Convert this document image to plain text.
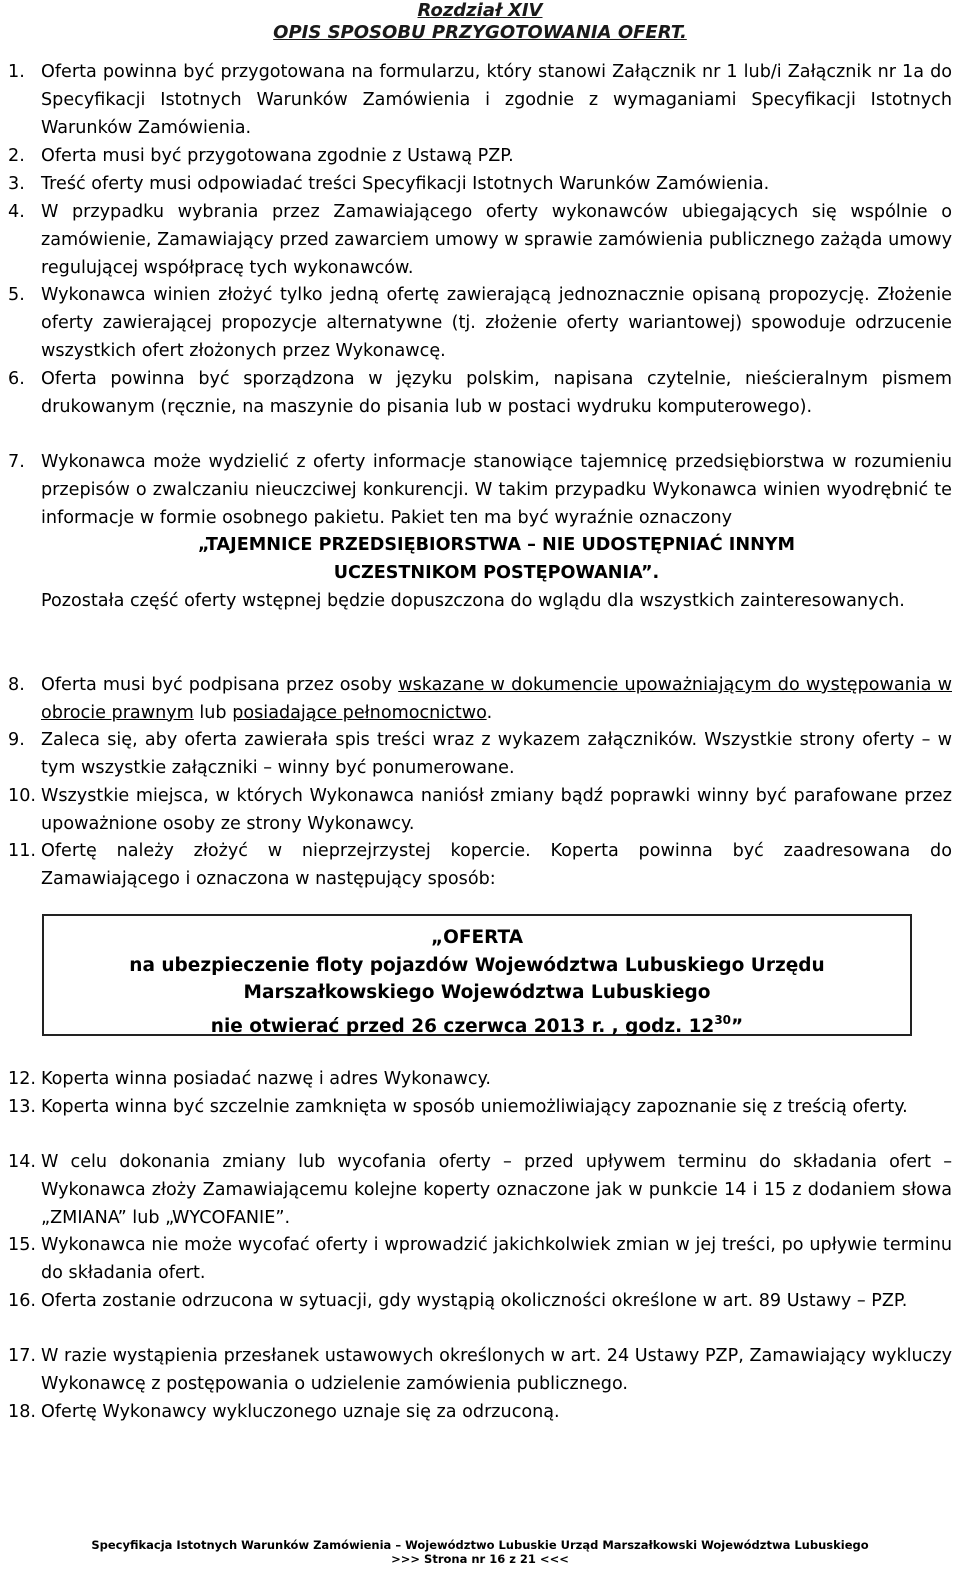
Rozdział XIV
OPIS SPOSOBU PRZYGOTOWANIA OFERT.
1. Oferta powinna być przygotowana na formularzu, który stanowi Załącznik nr 1 lub/i Załącznik nr 1a do Specyfikacji Istotnych Warunków Zamówienia i zgodnie z wymaganiami Specyfikacji Istotnych Warunków Zamówienia.
2. Oferta musi być przygotowana zgodnie z Ustawą PZP.
3. Treść oferty musi odpowiadać treści Specyfikacji Istotnych Warunków Zamówienia.
4. W przypadku wybrania przez Zamawiającego oferty wykonawców ubiegających się wspólnie o zamówienie, Zamawiający przed zawarciem umowy w sprawie zamówienia publicznego zażąda umowy regulującej współpracę tych wykonawców.
5. Wykonawca winien złożyć tylko jedną ofertę zawierającą jednoznacznie opisaną propozycję. Złożenie oferty zawierającej propozycje alternatywne (tj. złożenie oferty wariantowej) spowoduje odrzucenie wszystkich ofert złożonych przez Wykonawcę.
6. Oferta powinna być sporządzona w języku polskim, napisana czytelnie, nieścieralnym pismem drukowanym (ręcznie, na maszynie do pisania lub w postaci wydruku komputerowego).
7. Wykonawca może wydzielić z oferty informacje stanowiące tajemnicę przedsiębiorstwa w rozumieniu przepisów o zwalczaniu nieuczciwej konkurencji. W takim przypadku Wykonawca winien wyodrębnić te informacje w formie osobnego pakietu. Pakiet ten ma być wyraźnie oznaczony

„TAJEMNICE PRZEDSIĘBIORSTWA – NIE UDOSTĘPNIAĆ INNYM

UCZESTNIKOM POSTĘPOWANIA”.

Pozostała część oferty wstępnej będzie dopuszczona do wglądu dla wszystkich zainteresowanych.

8. Oferta musi być podpisana przez osoby wskazane w dokumencie upoważniającym do występowania w obrocie prawnym lub posiadające pełnomocnictwo.
9. Zaleca się, aby oferta zawierała spis treści wraz z wykazem załączników. Wszystkie strony oferty – w tym wszystkie załączniki – winny być ponumerowane.
10. Wszystkie miejsca, w których Wykonawca naniósł zmiany bądź poprawki winny być parafowane przez upoważnione osoby ze strony Wykonawcy.
11. Ofertę należy złożyć w nieprzejrzystej kopercie. Koperta powinna być zaadresowana do Zamawiającego i oznaczona w następujący sposób:
„OFERTA
na ubezpieczenie floty pojazdów Województwa Lubuskiego Urzędu
Marszałkowskiego Województwa Lubuskiego
nie otwierać przed 26 czerwca 2013 r. , godz. $12^{30}$”
12. Koperta winna posiadać nazwę i adres Wykonawcy.
13. Koperta winna być szczelnie zamknięta w sposób uniemożliwiający zapoznanie się z treścią oferty.
14. W celu dokonania zmiany lub wycofania oferty – przed upływem terminu do składania ofert – Wykonawca złoży Zamawiającemu kolejne koperty oznaczone jak w punkcie 14 i 15 z dodaniem słowa „ZMIANA” lub „WYCOFANIE”.
15. Wykonawca nie może wycofać oferty i wprowadzić jakichkolwiek zmian w jej treści, po upływie terminu do składania ofert.
16. Oferta zostanie odrzucona w sytuacji, gdy wystąpią okoliczności określone w art. 89 Ustawy – PZP.
17. W razie wystąpienia przesłanek ustawowych określonych w art. 24 Ustawy PZP, Zamawiający wykluczy Wykonawcę z postępowania o udzielenie zamówienia publicznego.
18. Ofertę Wykonawcy wykluczonego uznaje się za odrzuconą.
Specyfikacja Istotnych Warunków Zamówienia – Województwo Lubuskie Urząd Marszałkowski Województwa Lubuskiego
>>> Strona nr 16 z 21 <<<
